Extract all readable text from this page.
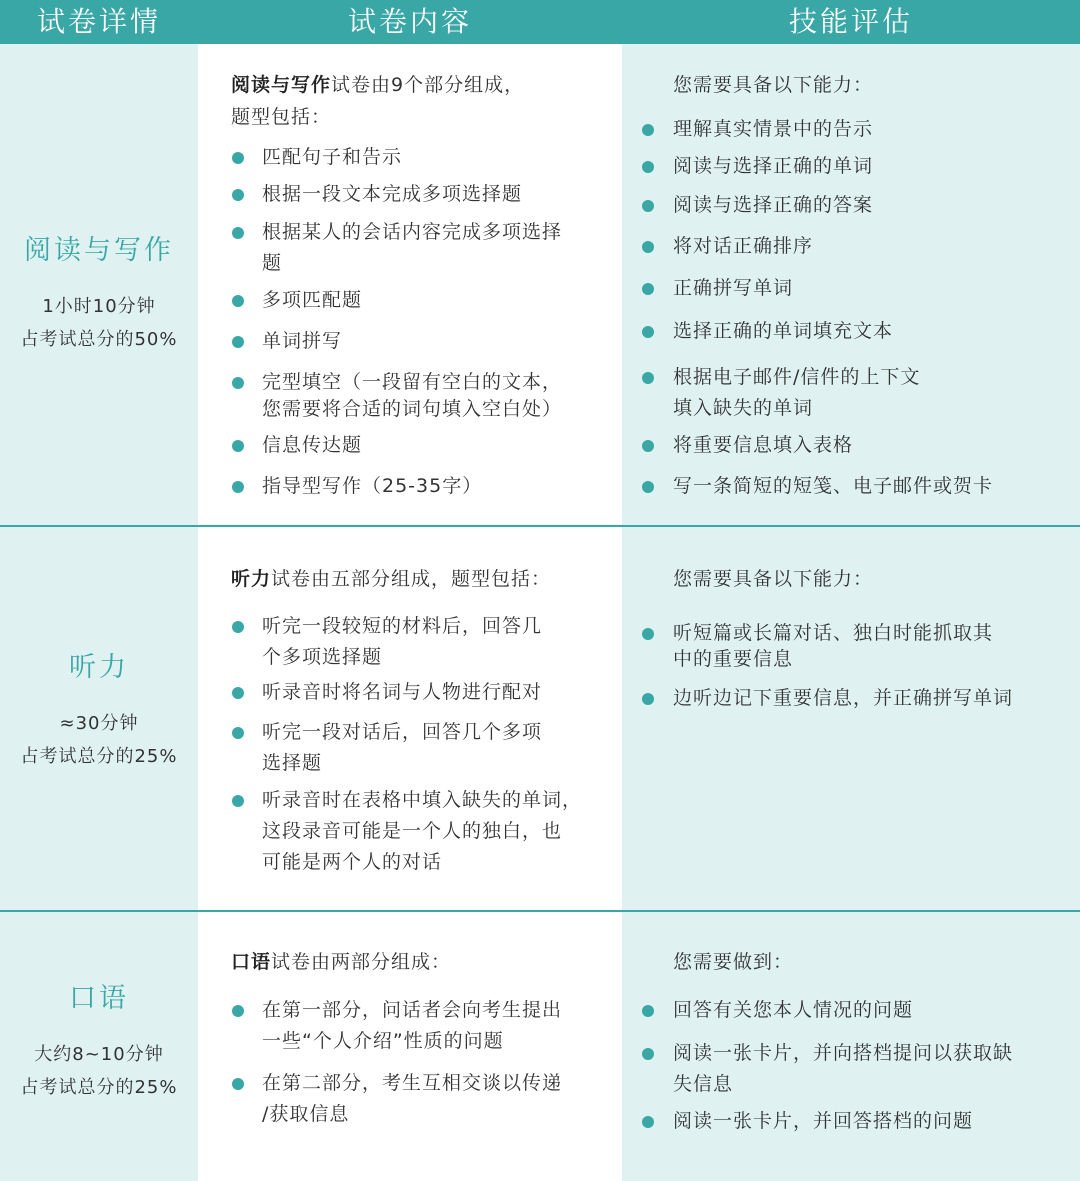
试卷详情	试卷内容	技能评估
阅读与写作
1小时10分钟
占考试总分的50%
阅读与写作试卷由9个部分组成，
题型包括：
匹配句子和告示
根据一段文本完成多项选择题
根据某人的会话内容完成多项选择
题
多项匹配题
单词拼写
完型填空（一段留有空白的文本，
您需要将合适的词句填入空白处）
信息传达题
指导型写作（25-35字）
您需要具备以下能力：
理解真实情景中的告示
阅读与选择正确的单词
阅读与选择正确的答案
将对话正确排序
正确拼写单词
选择正确的单词填充文本
根据电子邮件/信件的上下文
填入缺失的单词
将重要信息填入表格
写一条简短的短笺、电子邮件或贺卡
听力
≈30分钟
占考试总分的25%
听力试卷由五部分组成，题型包括：
听完一段较短的材料后，回答几
个多项选择题
听录音时将名词与人物进行配对
听完一段对话后，回答几个多项
选择题
听录音时在表格中填入缺失的单词，
这段录音可能是一个人的独白，也
可能是两个人的对话
您需要具备以下能力：
听短篇或长篇对话、独白时能抓取其
中的重要信息
边听边记下重要信息，并正确拼写单词
口语
大约8~10分钟
占考试总分的25%
口语试卷由两部分组成：
在第一部分，问话者会向考生提出
一些“个人介绍”性质的问题
在第二部分，考生互相交谈以传递
/获取信息
您需要做到：
回答有关您本人情况的问题
阅读一张卡片，并向搭档提问以获取缺
失信息
阅读一张卡片，并回答搭档的问题
